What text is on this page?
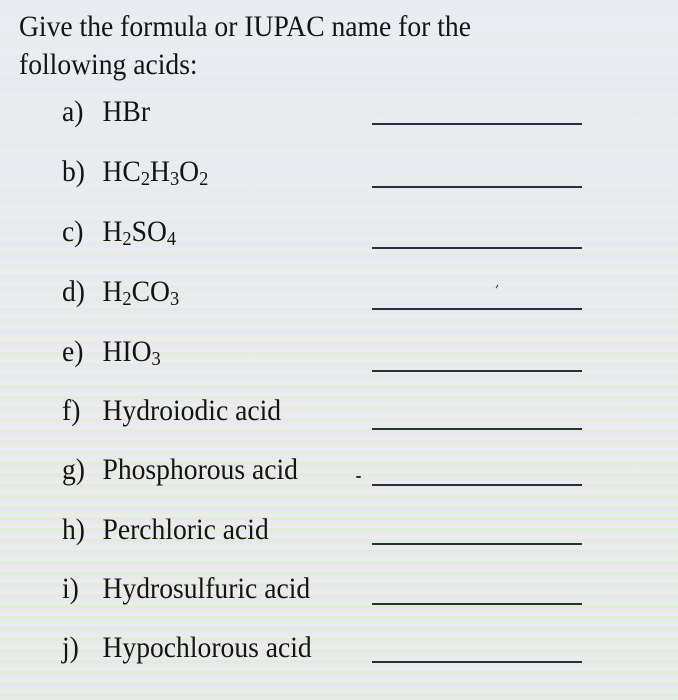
Give the formula or IUPAC name for the
following acids:
a) HBr
b) $HC_2H_3O_2$
c) $H_2SO_4$
d) $H_2CO_3$
e) $HIO_3$
f) Hydroiodic acid
g) Phosphorous acid
h) Perchloric acid
i) Hydrosulfuric acid
j) Hypochlorous acid
